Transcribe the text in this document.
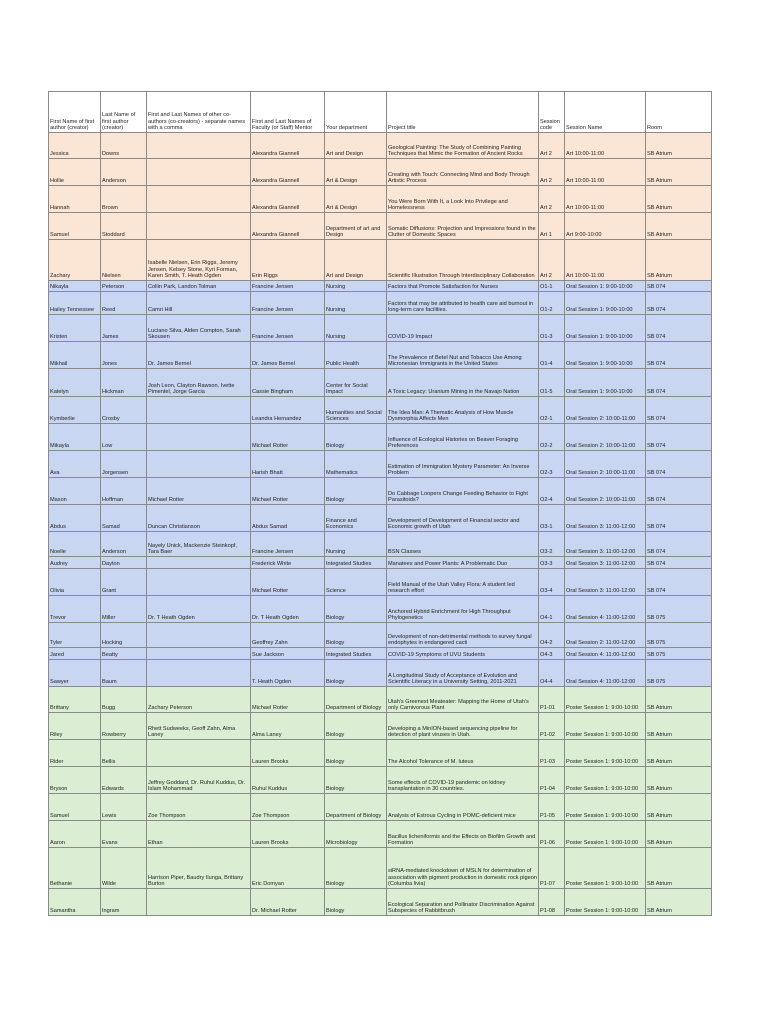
First Name of first author (creator)	Last Name of first author (creator)	First and Last Names of other co-authors (co-creators) - separate names with a comma	First and Last Names of Faculty (or Staff) Mentor	Your department	Project title	Session code	Session Name	Room
Jessica	Downs		Alexandra Giannell	Art and Design	Geological Painting: The Study of Combining Painting Techniques that Mimic the Formation of Ancient Rocks	Art 2	Art 10:00-11:00	SB Atrium
Hollie	Anderson		Alexandra Giannell	Art & Design	Creating with Touch: Connecting Mind and Body Through Artistic Process	Art 2	Art 10:00-11:00	SB Atrium
Hannah	Brown		Alexandra Giannell	Art & Design	You Were Born With It, a Look Into Privilege and Homelessness	Art 2	Art 10:00-11:00	SB Atrium
Samuel	Stoddard		Alexandra Giannell	Department of art and Design	Somatic Diffusions: Projection and Impressions found in the Clutter of Domestic Spaces	Art 1	Art 9:00-10:00	SB Atrium
Zachary	Nielsen	Isabelle Nielsen, Erin Riggs, Jeremy Jensen, Kelsey Stone, Kyri Forman, Karen Smith, T. Heath Ogden	Erin Riggs	Art and Design	Scientific Illustration Through Interdisciplinary Collaboration	Art 2	Art 10:00-11:00	SB Atrium
Nikayla	Peterson	Collin Park, Landon Tolman	Francine Jensen	Nursing	Factors that Promote Satisfaction for Nurses	O1-1	Oral Session 1: 9:00-10:00	SB 074
Hailey Tennessee	Reed	Camri Hill	Francine Jensen	Nursing	Factors that may be attributed to health care aid burnout in long-term care facilities.	O1-2	Oral Session 1: 9:00-10:00	SB 074
Kristen	James	Luciano Silva, Alden Compton, Sarah Skousen	Francine Jensen	Nursing	COVID-19 Impact	O1-3	Oral Session 1: 9:00-10:00	SB 074
Mikhail	Jones	Dr. James Bernel	Dr. James Bernel	Public Health	The Prevalence of Betel Nut and Tobacco Use Among Micronesian Immigrants in the United States	O1-4	Oral Session 1: 9:00-10:00	SB 074
Katelyn	Hickman	Josh Leon, Clayton Rawson, Ivette Pimentel, Jorge Garcia	Cassie Bingham	Center for Social Impact	A Toxic Legacy: Uranium Mining in the Navajo Nation	O1-5	Oral Session 1: 9:00-10:00	SB 074
Kymberlie	Crosby		Leandra Hernandez	Humanities and Social Sciences	The Idea Man: A Thematic Analysis of How Muscle Dysmorphia Affects Men	O2-1	Oral Session 2: 10:00-11:00	SB 074
Mikayla	Low		Michael Rotter	Biology	Influence of Ecological Histories on Beaver Foraging Preferences	O2-2	Oral Session 2: 10:00-11:00	SB 074
Ava	Jorgensen		Harish Bhatt	Mathematics	Estimation of Immigration Mystery Parameter: An Inverse Problem	O2-3	Oral Session 2: 10:00-11:00	SB 074
Mason	Hoffman	Michael Rotter	Michael Rotter	Biology	Do Cabbage Loopers Change Feeding Behavior to Fight Parasitoids?	O2-4	Oral Session 2: 10:00-11:00	SB 074
Abdus	Samad	Duncan Christianson	Abdus Samad	Finance and Economics	Development of Development of Financial sector and Economic growth of Utah	O3-1	Oral Session 3: 11:00-12:00	SB 074
Noelle	Anderson	Nayely Unick, Mackenzie Steinkopf, Tara Baer	Francine Jensen	Nursing	BSN Classes	O3-2	Oral Session 3: 11:00-12:00	SB 074
Audrey	Dayton		Frederick White	Integrated Studies	Manatees and Power Plants: A Problematic Duo	O3-3	Oral Session 3: 11:00-12:00	SB 074
Olivia	Grant		Michael Rotter	Science	Field Manual of the Utah Valley Flora: A student led research effort	O3-4	Oral Session 3: 11:00-12:00	SB 074
Trevor	Miller	Dr. T Heath Ogden	Dr. T Heath Ogden	Biology	Anchored Hybrid Enrichment for High Throughput Phylogenetics	O4-1	Oral Session 4: 11:00-12:00	SB 075
Tyler	Hocking		Geoffrey Zahn	Biology	Development of non-detrimental methods to survey fungal endophytes in endangered cacti	O4-2	Oral Session 2: 11:00-12:00	SB 075
Jared	Beatty		Sue Jackson	Integrated Studies	COVID-19 Symptoms of UVU Students	O4-3	Oral Session 4: 11:00-12:00	SB 075
Sawyer	Baum		T. Heath Ogden	Biology	A Longitudinal Study of Acceptance of Evolution and Scientific Literacy in a University Setting, 2011-2021	O4-4	Oral Session 4: 11:00-12:00	SB 075
Brittany	Bugg	Zachary Peterson	Michael Rotter	Department of Biology	Utah's Greenest Meateater: Mapping the Home of Utah's only Carnivorous Plant	P1-01	Poster Session 1: 9:00-10:00	SB Atrium
Riley	Rowberry	Rhett Sudweeks, Geoff Zahn, Alma Laney	Alma Laney	Biology	Developing a MinION-based sequencing pipeline for detection of plant viruses in Utah.	P1-02	Poster Session 1: 9:00-10:00	SB Atrium
Rider	Bellis		Lauren Brooks	Biology	The Alcohol Tolerance of M. luteus	P1-03	Poster Session 1: 9:00-10:00	SB Atrium
Bryson	Edwards	Jeffrey Goddard, Dr. Ruhul Kuddus, Dr. Islam Mohammad	Ruhul Kuddus	Biology	Some effects of COVID-19 pandemic on kidney transplantation in 30 countries.	P1-04	Poster Session 1: 9:00-10:00	SB Atrium
Samuel	Lewis	Zoe Thompson	Zoe Thompson	Department of Biology	Analysis of Estrous Cycling in POMC-deficient mice	P1-05	Poster Session 1: 9:00-10:00	SB Atrium
Aaron	Evans	Ethan	Lauren Brooks	Microbiology	Bacillus licheniformis and the Effects on Biofilm Growth and Formation	P1-06	Poster Session 1: 9:00-10:00	SB Atrium
Bethanie	Wilde	Harrison Piper, Baudry Ilunga, Brittany Burton	Eric Domyan	Biology	siRNA-mediated knockdown of MSLN for determination of association with pigment production in domestic rock pigeon (Columba livia)	P1-07	Poster Session 1: 9:00-10:00	SB Atrium
Samantha	Ingram		Dr. Michael Rotter	Biology	Ecological Separation and Pollinator Discrimination Against Subspecies of Rabbitbrush	P1-08	Poster Session 1: 9:00-10:00	SB Atrium
